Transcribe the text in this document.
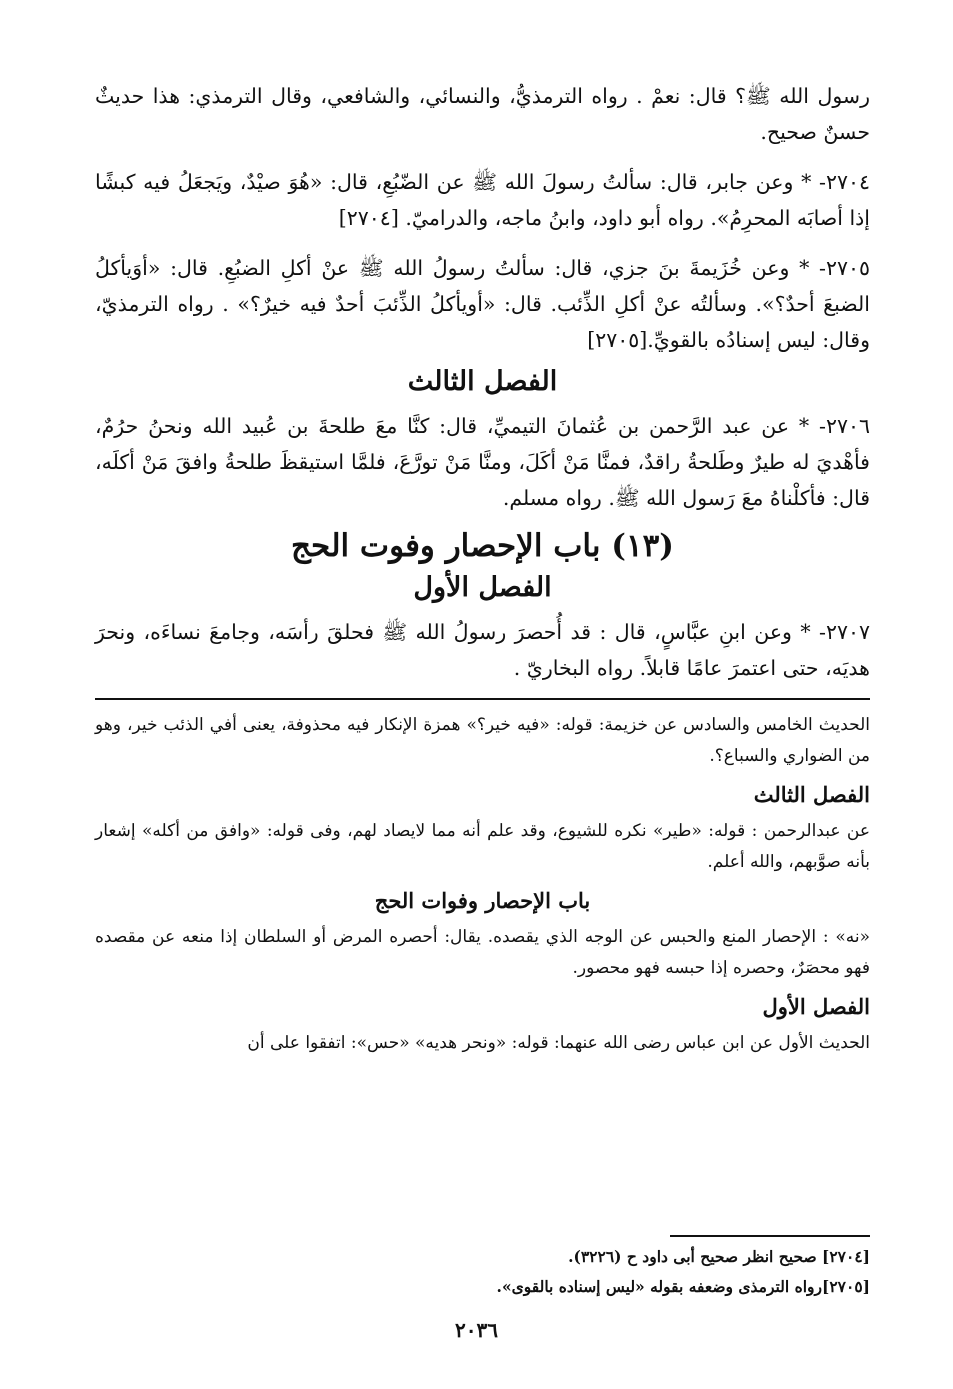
رسول الله ﷺ؟ قال: نعمْ . رواه الترمذيُّ، والنسائي، والشافعي، وقال الترمذي: هذا حديثٌ حسنٌ صحيح.

٢٧٠٤- * وعن جابر، قال: سألتُ رسولَ الله ﷺ عن الضّبُعِ، قال: «هُوَ صيْدٌ، ويَجعَلُ فيه كبشًا إذا أصابَه المحرِمُ». رواه أبو داود، وابنُ ماجه، والدراميّ. [٢٧٠٤]

٢٧٠٥- * وعن خُزَيمةَ بنَ جزي، قال: سألتُ رسولُ الله ﷺ عنْ أكلِ الضبُعِ. قال: «أوَيأكلُ الضبعَ أحدٌ؟». وسألتُه عنْ أكلِ الذِّئب. قال: «أويأكلُ الذِّئبَ أحدٌ فيه خيرٌ؟» . رواه الترمذيّ، وقال: ليس إسنادُه بالقويِّ.[٢٧٠٥]

الفصل الثالث

٢٧٠٦- * عن عبد الرَّحمن بن عُثمانَ التيميِّ، قال: كنَّا معَ طلحةَ بن عُبيد الله ونحنُ حرُمٌ، فأهْديَ له طيرٌ وطَلحةُ راقدٌ، فمنَّا مَنْ أكَلَ، ومنَّا مَنْ تورَّعَ، فلمَّا استيقظَ طلحةُ وافقَ مَنْ أكلَه، قال: فأكلْناهُ معَ رَسول الله ﷺ. رواه مسلم.

(١٣) باب الإحصار وفوت الحج
الفصل الأول

٢٧٠٧- * وعن ابنِ عبَّاسٍ، قال : قد أُحصرَ رسولُ الله ﷺ فحلقَ رأسَه، وجامعَ نساءَه، ونحرَ هديَه، حتى اعتمرَ عامًا قابلاً. رواه البخاريّ .

الحديث الخامس والسادس عن خزيمة: قوله: «فيه خير؟» همزة الإنكار فيه محذوفة، يعنى أفي الذئب خير، وهو من الضواري والسباع؟.

الفصل الثالث

عن عبدالرحمن : قوله: «طير» نكره للشيوع، وقد علم أنه مما لايصاد لهم، وفى قوله: «وافق من أكله» إشعار بأنه صوَّبهم، والله أعلم.

باب الإحصار وفوات الحج

«نه» : الإحصار المنع والحبس عن الوجه الذي يقصده. يقال: أحصره المرض أو السلطان إذا منعه عن مقصده فهو محصَرٌ، وحصره إذا حبسه فهو محصور.

الفصل الأول

الحديث الأول عن ابن عباس رضى الله عنهما: قوله: «ونحر هديه» «حس»: اتفقوا على أن

[٢٧٠٤] صحيح انظر صحيح أبى داود ح (٣٢٢٦).
[٢٧٠٥]رواه الترمذى وضعفه بقوله «ليس إسناده بالقوى».
٢٠٣٦
